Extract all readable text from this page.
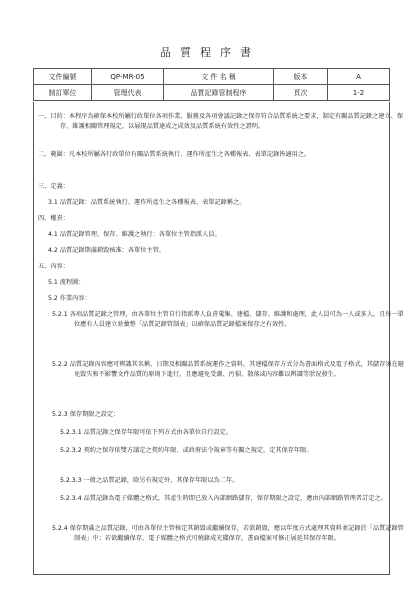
品質程序書
文件編號	QP-MR-05	文 件 名 稱	版本	A
制訂單位	管理代表	品質記錄管制程序	頁次	1-2
一、目的：本程序為確保本校所屬行政單位各項作業、服務及各項會議記錄之保存符合品質系統之要求，制定有關品質記錄之建立、保存、維護相關管理規定，以展現品質達成之成效及品質系統有效性之證明。
二、範圍：凡本校所屬各行政單位有關品質系統執行、運作所產生之各種報表、表單記錄皆適用之。
三、定義：
3.1 品質記錄：品質系統執行、運作所產生之各種報表、表單記錄稱之。
四、權責：
4.1 品質記錄管理、保存、維護之執行：各單位主管指派人員。
4.2 品質記錄期滿銷毀核准：各單位主管。
五、內容：
5.1 流程圖：
5.2 作業內容：
5.2.1 各項品質記錄之管理，由各單位主管自行指派專人負責蒐集、建檔、儲存、維護和處理，此人員可為一人或多人，且每一單位應有人員建立並彙整「品質記錄管制表」以確保品質記錄檔案保存之有效性。
5.2.2 品質記錄內容應可辨識其名稱、日期及相關品質系統運作之資料，其建檔保存方式分為書面格式及電子格式，其儲存須在避免毀失和不影響文件品質的原則下進行，且應避免受潮、污損、散落或內容難以辨識等狀況發生。
5.2.3 保存期限之設定：
5.2.3.1 品質記錄之保存年限可依下列方式由各單位自行設定。
5.2.3.2 契約之保存依雙方議定之契約年限、或政府法令規章等有關之規定，定其保存年限。
5.2.3.3 一般之品質記錄，除另有規定外，其保存年限以為二年。
5.2.3.4 品質記錄為電子媒體之格式，其產生時即已放入內部網路儲存，保存期限之設定，應由內部網路管理者訂定之。
5.2.4 保存期滿之品質記錄，可由各單位主管核定其銷毀或繼續保存，若欲銷毀，應以年度方式處理其資料並記錄於「品質記錄管制表」中；若欲繼續保存，電子媒體之格式可燒錄成光碟保存，書面檔案可修正展延其保存年限。
